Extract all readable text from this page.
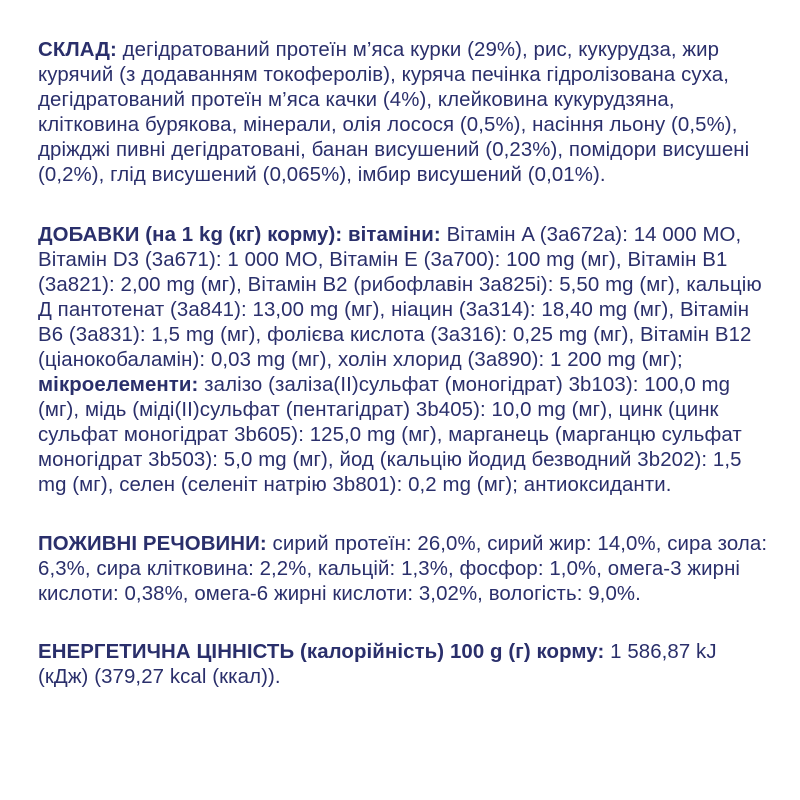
СКЛАД: дегідратований протеїн м’яса курки (29%), рис, кукурудза, жир курячий (з додаванням токоферолів), куряча печінка гідролізована суха, дегідратований протеїн м’яса качки (4%), клейковина кукурудзяна, клітковина бурякова, мінерали, олія лосося (0,5%), насіння льону (0,5%), дріжджі пивні дегідратовані, банан висушений (0,23%), помідори висушені (0,2%), глід висушений (0,065%), імбир висушений (0,01%).

ДОБАВКИ (на 1 kg (кг) корму): вітаміни: Вітамін A (3a672a): 14 000 МО, Вітамін D3 (3a671): 1 000 МО, Вітамін E (3a700): 100 mg (мг), Вітамін B1 (3a821): 2,00 mg (мг), Вітамін B2 (рибофлавін 3a825i): 5,50 mg (мг), кальцію Д пантотенат (3a841): 13,00 mg (мг), ніацин (3a314): 18,40 mg (мг), Вітамін B6 (3a831): 1,5 mg (мг), фолієва кислота (3a316): 0,25 mg (мг), Вітамін B12 (ціанокобаламін): 0,03 mg (мг), холін хлорид (3a890): 1 200 mg (мг); мікроелементи: залізо (заліза(II)сульфат (моногідрат) 3b103): 100,0 mg (мг), мідь (міді(II)сульфат (пентагідрат) 3b405): 10,0 mg (мг), цинк (цинк сульфат моногідрат 3b605): 125,0 mg (мг), марганець (марганцю сульфат моногідрат 3b503): 5,0 mg (мг), йод (кальцію йодид безводний 3b202): 1,5 mg (мг), селен (селеніт натрію 3b801): 0,2 mg (мг); антиоксиданти.

ПОЖИВНІ РЕЧОВИНИ: сирий протеїн: 26,0%, сирий жир: 14,0%, сира зола: 6,3%, сира клітковина: 2,2%, кальцій: 1,3%, фосфор: 1,0%, омега-3 жирні кислоти: 0,38%, омега-6 жирні кислоти: 3,02%, вологість: 9,0%.

ЕНЕРГЕТИЧНА ЦІННІСТЬ (калорійність) 100 g (г) корму: 1 586,87 kJ (кДж) (379,27 kcal (ккал)).
